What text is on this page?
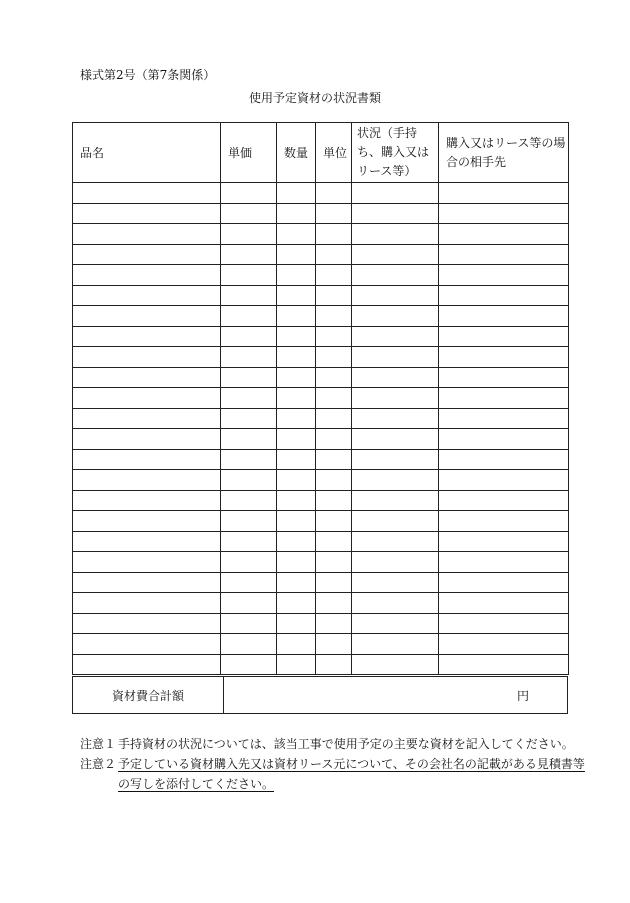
様式第2号（第7条関係）
使用予定資材の状況書類
品名	単価	数量	単位	状況（手持ち、購入又はリース等）	購入又はリース等の場合の相手先

資材費合計額	円
注意１ 手持資材の状況については、該当工事で使用予定の主要な資材を記入してください。
注意２ 予定している資材購入先又は資材リース元について、その会社名の記載がある見積書等
の写しを添付してください。
